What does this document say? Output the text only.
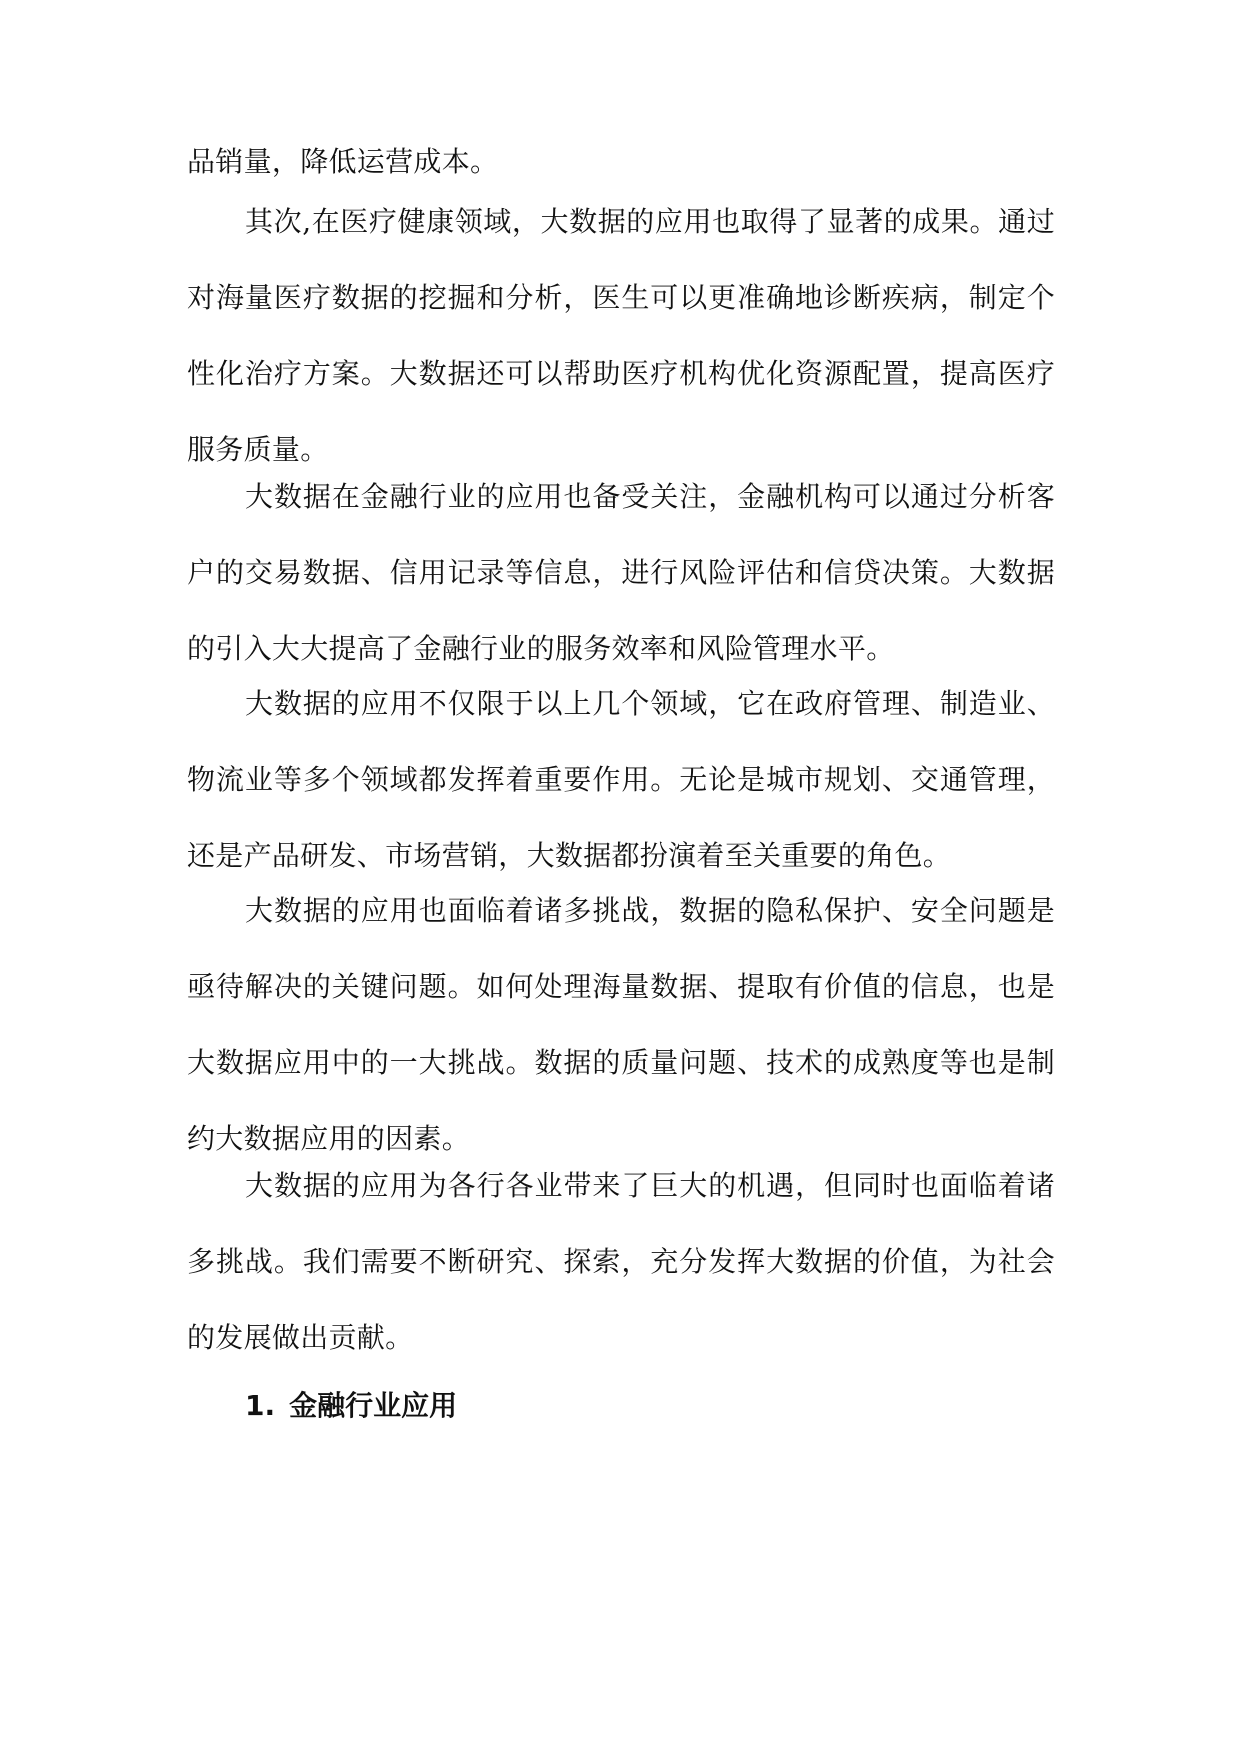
品销量，降低运营成本。

其次,在医疗健康领域，大数据的应用也取得了显著的成果。通过对海量医疗数据的挖掘和分析，医生可以更准确地诊断疾病，制定个性化治疗方案。大数据还可以帮助医疗机构优化资源配置，提高医疗服务质量。

大数据在金融行业的应用也备受关注，金融机构可以通过分析客户的交易数据、信用记录等信息，进行风险评估和信贷决策。大数据的引入大大提高了金融行业的服务效率和风险管理水平。

大数据的应用不仅限于以上几个领域，它在政府管理、制造业、物流业等多个领域都发挥着重要作用。无论是城市规划、交通管理，还是产品研发、市场营销，大数据都扮演着至关重要的角色。

大数据的应用也面临着诸多挑战，数据的隐私保护、安全问题是亟待解决的关键问题。如何处理海量数据、提取有价值的信息，也是大数据应用中的一大挑战。数据的质量问题、技术的成熟度等也是制约大数据应用的因素。

大数据的应用为各行各业带来了巨大的机遇，但同时也面临着诸多挑战。我们需要不断研究、探索，充分发挥大数据的价值，为社会的发展做出贡献。

1. 金融行业应用
